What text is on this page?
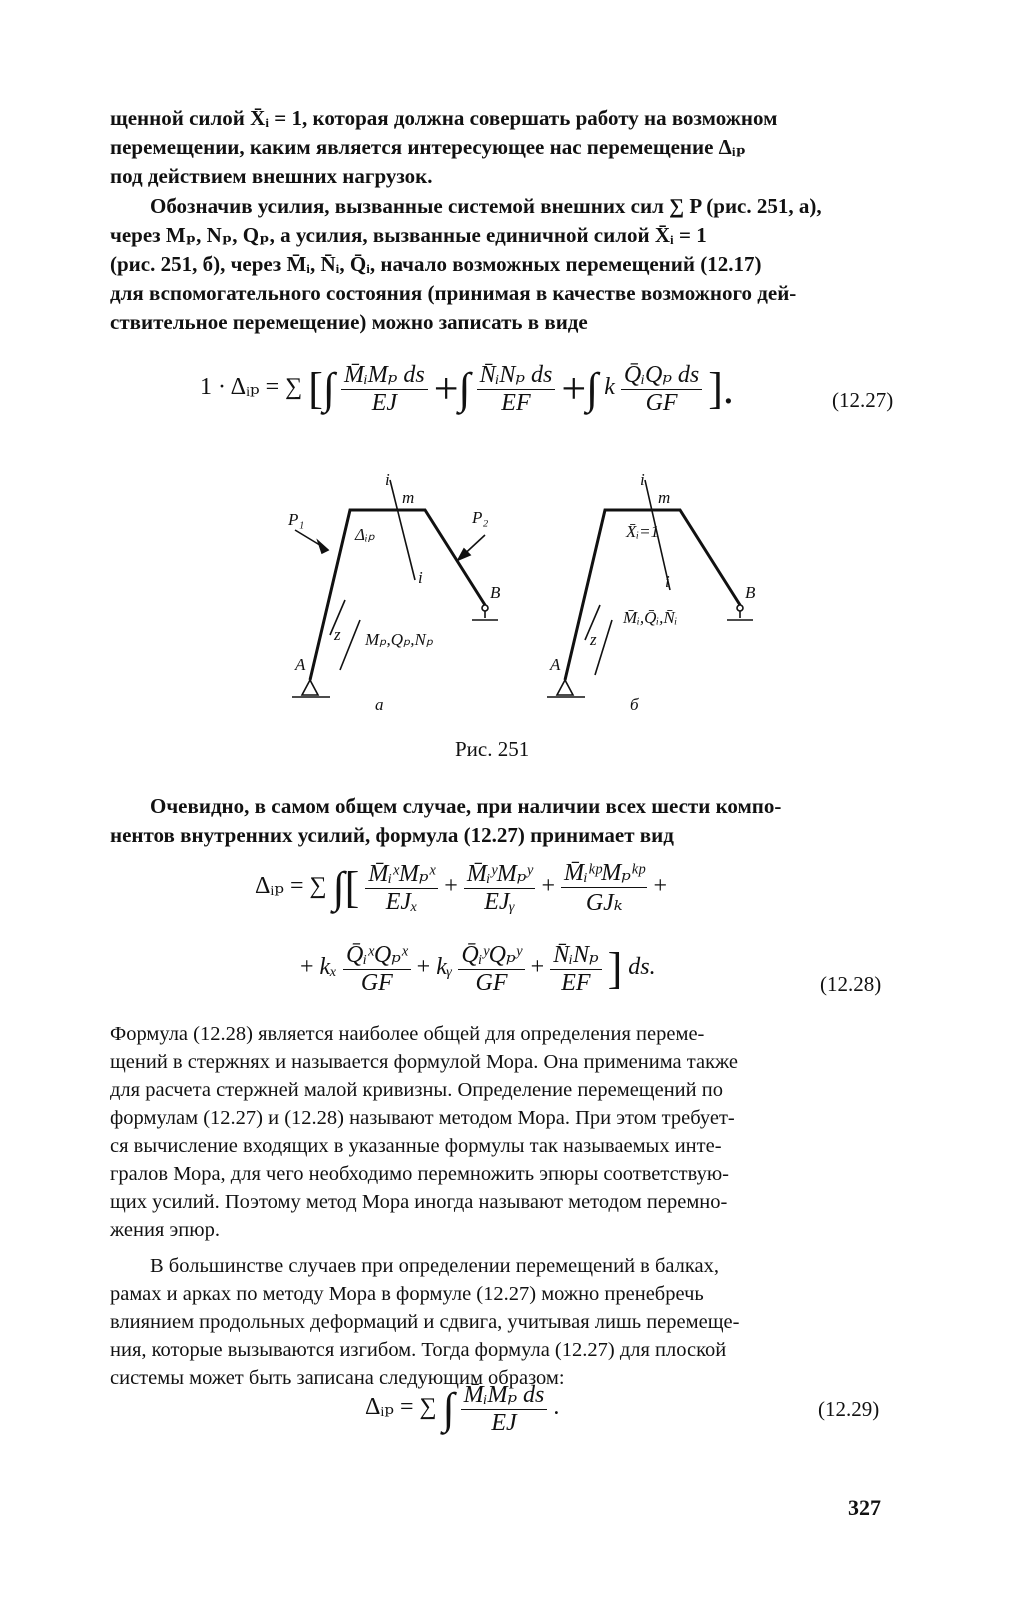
щенной силой X̄ᵢ = 1, которая должна совершать работу на возможном
перемещении, каким является интересующее нас перемещение Δᵢₚ
под действием внешних нагрузок.
Обозначив усилия, вызванные системой внешних сил ∑ P (рис. 251, a),
через Mₚ, Nₚ, Qₚ, а усилия, вызванные единичной силой X̄ᵢ = 1
(рис. 251, б), через M̄ᵢ, N̄ᵢ, Q̄ᵢ, начало возможных перемещений (12.17)
для вспомогательного состояния (принимая в качестве возможного дей-
ствительное перемещение) можно записать в виде
1 · Δᵢₚ = ∑ [∫ $\frac{\text{M̄ᵢMₚ ds}}{EJ}$ +∫ $\frac{\text{N̄ᵢNₚ ds}}{EF}$ +∫ k $\frac{\text{Q̄ᵢQₚ ds}}{GF}$ ].	(12.27)
P₁	P₂
Δᵢₚ
Mₚ,Qₚ,Nₚ
A
B
i
m
i
z
X̄ᵢ=1
M̄ᵢ,Q̄ᵢ,N̄ᵢ
A
B
i
m
i
z
a	б
Рис. 251
Очевидно, в самом общем случае, при наличии всех шести компо-
нентов внутренних усилий, формула (12.27) принимает вид
Δᵢₚ = ∑ ∫[ $\frac{\text{M̄ᵢˣMₚˣ}}{\text{EJₓ}} + \frac{\text{M̄ᵢʸMₚʸ}}{\text{EJᵧ}} + \frac{\text{M̄ᵢᵏᵖMₚᵏᵖ}}{\text{GJₖ}}$ +
+ kₓ $\frac{\text{Q̄ᵢˣQₚˣ}}{GF}$ + kᵧ $\frac{\text{Q̄ᵢʸQₚʸ}}{GF} + \frac{\text{N̄ᵢNₚ}}{EF}$ ] ds.
(12.28)
Формула (12.28) является наиболее общей для определения переме-
щений в стержнях и называется формулой Мора. Она применима также
для расчета стержней малой кривизны. Определение перемещений по
формулам (12.27) и (12.28) называют методом Мора. При этом требует-
ся вычисление входящих в указанные формулы так называемых инте-
гралов Мора, для чего необходимо перемножить эпюры соответствую-
щих усилий. Поэтому метод Мора иногда называют методом перемно-
жения эпюр.
В большинстве случаев при определении перемещений в балках,
рамах и арках по методу Мора в формуле (12.27) можно пренебречь
влиянием продольных деформаций и сдвига, учитывая лишь перемеще-
ния, которые вызываются изгибом. Тогда формула (12.27) для плоской
системы может быть записана следующим образом:
Δᵢₚ = ∑ ∫ $\frac{\text{M̄ᵢMₚ ds}}{EJ}$ .	(12.29)
327
